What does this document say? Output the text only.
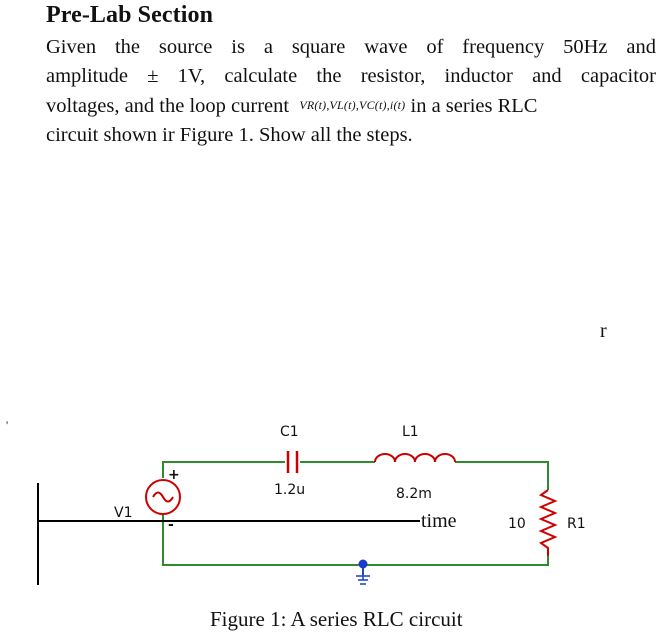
Pre-Lab Section
Given the source is a square wave of frequency 50Hz and
amplitude ± 1V, calculate the resistor, inductor and capacitor
voltages, and the loop current VR(t),VL(t),VC(t),i(t) in a series RLC
circuit shown ir Figure 1. Show all the steps.
r
'
+
-
V1
C1
1.2u
L1
8.2m
10	R1
time
Figure 1: A series RLC circuit
